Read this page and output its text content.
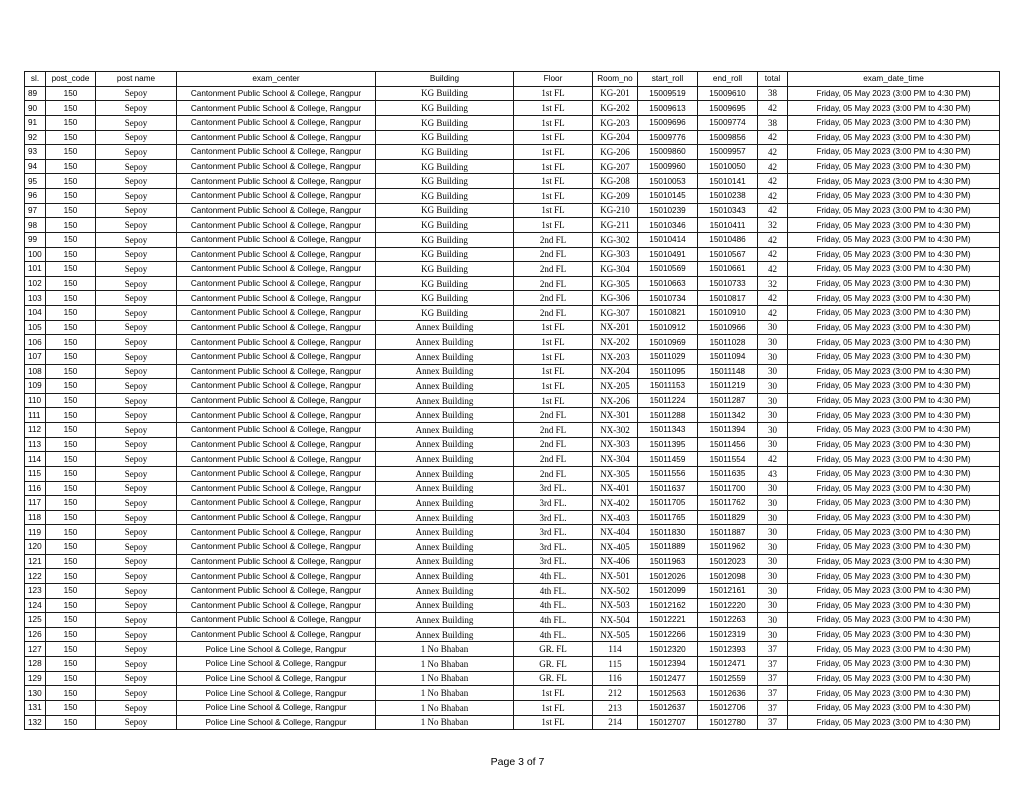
sl.	post_code	post name	exam_center	Building	Floor	Room_no	start_roll	end_roll	total	exam_date_time
89	150	Sepoy	Cantonment Public School & College, Rangpur	KG Building	1st FL	KG-201	15009519	15009610	38	Friday, 05 May 2023 (3:00 PM to 4:30 PM)
90	150	Sepoy	Cantonment Public School & College, Rangpur	KG Building	1st FL	KG-202	15009613	15009695	42	Friday, 05 May 2023 (3:00 PM to 4:30 PM)
91	150	Sepoy	Cantonment Public School & College, Rangpur	KG Building	1st FL	KG-203	15009696	15009774	38	Friday, 05 May 2023 (3:00 PM to 4:30 PM)
92	150	Sepoy	Cantonment Public School & College, Rangpur	KG Building	1st FL	KG-204	15009776	15009856	42	Friday, 05 May 2023 (3:00 PM to 4:30 PM)
93	150	Sepoy	Cantonment Public School & College, Rangpur	KG Building	1st FL	KG-206	15009860	15009957	42	Friday, 05 May 2023 (3:00 PM to 4:30 PM)
94	150	Sepoy	Cantonment Public School & College, Rangpur	KG Building	1st FL	KG-207	15009960	15010050	42	Friday, 05 May 2023 (3:00 PM to 4:30 PM)
95	150	Sepoy	Cantonment Public School & College, Rangpur	KG Building	1st FL	KG-208	15010053	15010141	42	Friday, 05 May 2023 (3:00 PM to 4:30 PM)
96	150	Sepoy	Cantonment Public School & College, Rangpur	KG Building	1st FL	KG-209	15010145	15010238	42	Friday, 05 May 2023 (3:00 PM to 4:30 PM)
97	150	Sepoy	Cantonment Public School & College, Rangpur	KG Building	1st FL	KG-210	15010239	15010343	42	Friday, 05 May 2023 (3:00 PM to 4:30 PM)
98	150	Sepoy	Cantonment Public School & College, Rangpur	KG Building	1st FL	KG-211	15010346	15010411	32	Friday, 05 May 2023 (3:00 PM to 4:30 PM)
99	150	Sepoy	Cantonment Public School & College, Rangpur	KG Building	2nd FL	KG-302	15010414	15010486	42	Friday, 05 May 2023 (3:00 PM to 4:30 PM)
100	150	Sepoy	Cantonment Public School & College, Rangpur	KG Building	2nd FL	KG-303	15010491	15010567	42	Friday, 05 May 2023 (3:00 PM to 4:30 PM)
101	150	Sepoy	Cantonment Public School & College, Rangpur	KG Building	2nd FL	KG-304	15010569	15010661	42	Friday, 05 May 2023 (3:00 PM to 4:30 PM)
102	150	Sepoy	Cantonment Public School & College, Rangpur	KG Building	2nd FL	KG-305	15010663	15010733	32	Friday, 05 May 2023 (3:00 PM to 4:30 PM)
103	150	Sepoy	Cantonment Public School & College, Rangpur	KG Building	2nd FL	KG-306	15010734	15010817	42	Friday, 05 May 2023 (3:00 PM to 4:30 PM)
104	150	Sepoy	Cantonment Public School & College, Rangpur	KG Building	2nd FL	KG-307	15010821	15010910	42	Friday, 05 May 2023 (3:00 PM to 4:30 PM)
105	150	Sepoy	Cantonment Public School & College, Rangpur	Annex Building	1st FL	NX-201	15010912	15010966	30	Friday, 05 May 2023 (3:00 PM to 4:30 PM)
106	150	Sepoy	Cantonment Public School & College, Rangpur	Annex Building	1st FL	NX-202	15010969	15011028	30	Friday, 05 May 2023 (3:00 PM to 4:30 PM)
107	150	Sepoy	Cantonment Public School & College, Rangpur	Annex Building	1st FL	NX-203	15011029	15011094	30	Friday, 05 May 2023 (3:00 PM to 4:30 PM)
108	150	Sepoy	Cantonment Public School & College, Rangpur	Annex Building	1st FL	NX-204	15011095	15011148	30	Friday, 05 May 2023 (3:00 PM to 4:30 PM)
109	150	Sepoy	Cantonment Public School & College, Rangpur	Annex Building	1st FL	NX-205	15011153	15011219	30	Friday, 05 May 2023 (3:00 PM to 4:30 PM)
110	150	Sepoy	Cantonment Public School & College, Rangpur	Annex Building	1st FL	NX-206	15011224	15011287	30	Friday, 05 May 2023 (3:00 PM to 4:30 PM)
111	150	Sepoy	Cantonment Public School & College, Rangpur	Annex Building	2nd FL	NX-301	15011288	15011342	30	Friday, 05 May 2023 (3:00 PM to 4:30 PM)
112	150	Sepoy	Cantonment Public School & College, Rangpur	Annex Building	2nd FL	NX-302	15011343	15011394	30	Friday, 05 May 2023 (3:00 PM to 4:30 PM)
113	150	Sepoy	Cantonment Public School & College, Rangpur	Annex Building	2nd FL	NX-303	15011395	15011456	30	Friday, 05 May 2023 (3:00 PM to 4:30 PM)
114	150	Sepoy	Cantonment Public School & College, Rangpur	Annex Building	2nd FL	NX-304	15011459	15011554	42	Friday, 05 May 2023 (3:00 PM to 4:30 PM)
115	150	Sepoy	Cantonment Public School & College, Rangpur	Annex Building	2nd FL	NX-305	15011556	15011635	43	Friday, 05 May 2023 (3:00 PM to 4:30 PM)
116	150	Sepoy	Cantonment Public School & College, Rangpur	Annex Building	3rd FL.	NX-401	15011637	15011700	30	Friday, 05 May 2023 (3:00 PM to 4:30 PM)
117	150	Sepoy	Cantonment Public School & College, Rangpur	Annex Building	3rd FL.	NX-402	15011705	15011762	30	Friday, 05 May 2023 (3:00 PM to 4:30 PM)
118	150	Sepoy	Cantonment Public School & College, Rangpur	Annex Building	3rd FL.	NX-403	15011765	15011829	30	Friday, 05 May 2023 (3:00 PM to 4:30 PM)
119	150	Sepoy	Cantonment Public School & College, Rangpur	Annex Building	3rd FL.	NX-404	15011830	15011887	30	Friday, 05 May 2023 (3:00 PM to 4:30 PM)
120	150	Sepoy	Cantonment Public School & College, Rangpur	Annex Building	3rd FL.	NX-405	15011889	15011962	30	Friday, 05 May 2023 (3:00 PM to 4:30 PM)
121	150	Sepoy	Cantonment Public School & College, Rangpur	Annex Building	3rd FL.	NX-406	15011963	15012023	30	Friday, 05 May 2023 (3:00 PM to 4:30 PM)
122	150	Sepoy	Cantonment Public School & College, Rangpur	Annex Building	4th FL.	NX-501	15012026	15012098	30	Friday, 05 May 2023 (3:00 PM to 4:30 PM)
123	150	Sepoy	Cantonment Public School & College, Rangpur	Annex Building	4th FL.	NX-502	15012099	15012161	30	Friday, 05 May 2023 (3:00 PM to 4:30 PM)
124	150	Sepoy	Cantonment Public School & College, Rangpur	Annex Building	4th FL.	NX-503	15012162	15012220	30	Friday, 05 May 2023 (3:00 PM to 4:30 PM)
125	150	Sepoy	Cantonment Public School & College, Rangpur	Annex Building	4th FL.	NX-504	15012221	15012263	30	Friday, 05 May 2023 (3:00 PM to 4:30 PM)
126	150	Sepoy	Cantonment Public School & College, Rangpur	Annex Building	4th FL.	NX-505	15012266	15012319	30	Friday, 05 May 2023 (3:00 PM to 4:30 PM)
127	150	Sepoy	Police Line School & College, Rangpur	1 No Bhaban	GR. FL	114	15012320	15012393	37	Friday, 05 May 2023 (3:00 PM to 4:30 PM)
128	150	Sepoy	Police Line School & College, Rangpur	1 No Bhaban	GR. FL	115	15012394	15012471	37	Friday, 05 May 2023 (3:00 PM to 4:30 PM)
129	150	Sepoy	Police Line School & College, Rangpur	1 No Bhaban	GR. FL	116	15012477	15012559	37	Friday, 05 May 2023 (3:00 PM to 4:30 PM)
130	150	Sepoy	Police Line School & College, Rangpur	1 No Bhaban	1st FL	212	15012563	15012636	37	Friday, 05 May 2023 (3:00 PM to 4:30 PM)
131	150	Sepoy	Police Line School & College, Rangpur	1 No Bhaban	1st FL	213	15012637	15012706	37	Friday, 05 May 2023 (3:00 PM to 4:30 PM)
132	150	Sepoy	Police Line School & College, Rangpur	1 No Bhaban	1st FL	214	15012707	15012780	37	Friday, 05 May 2023 (3:00 PM to 4:30 PM)
Page 3 of 7
